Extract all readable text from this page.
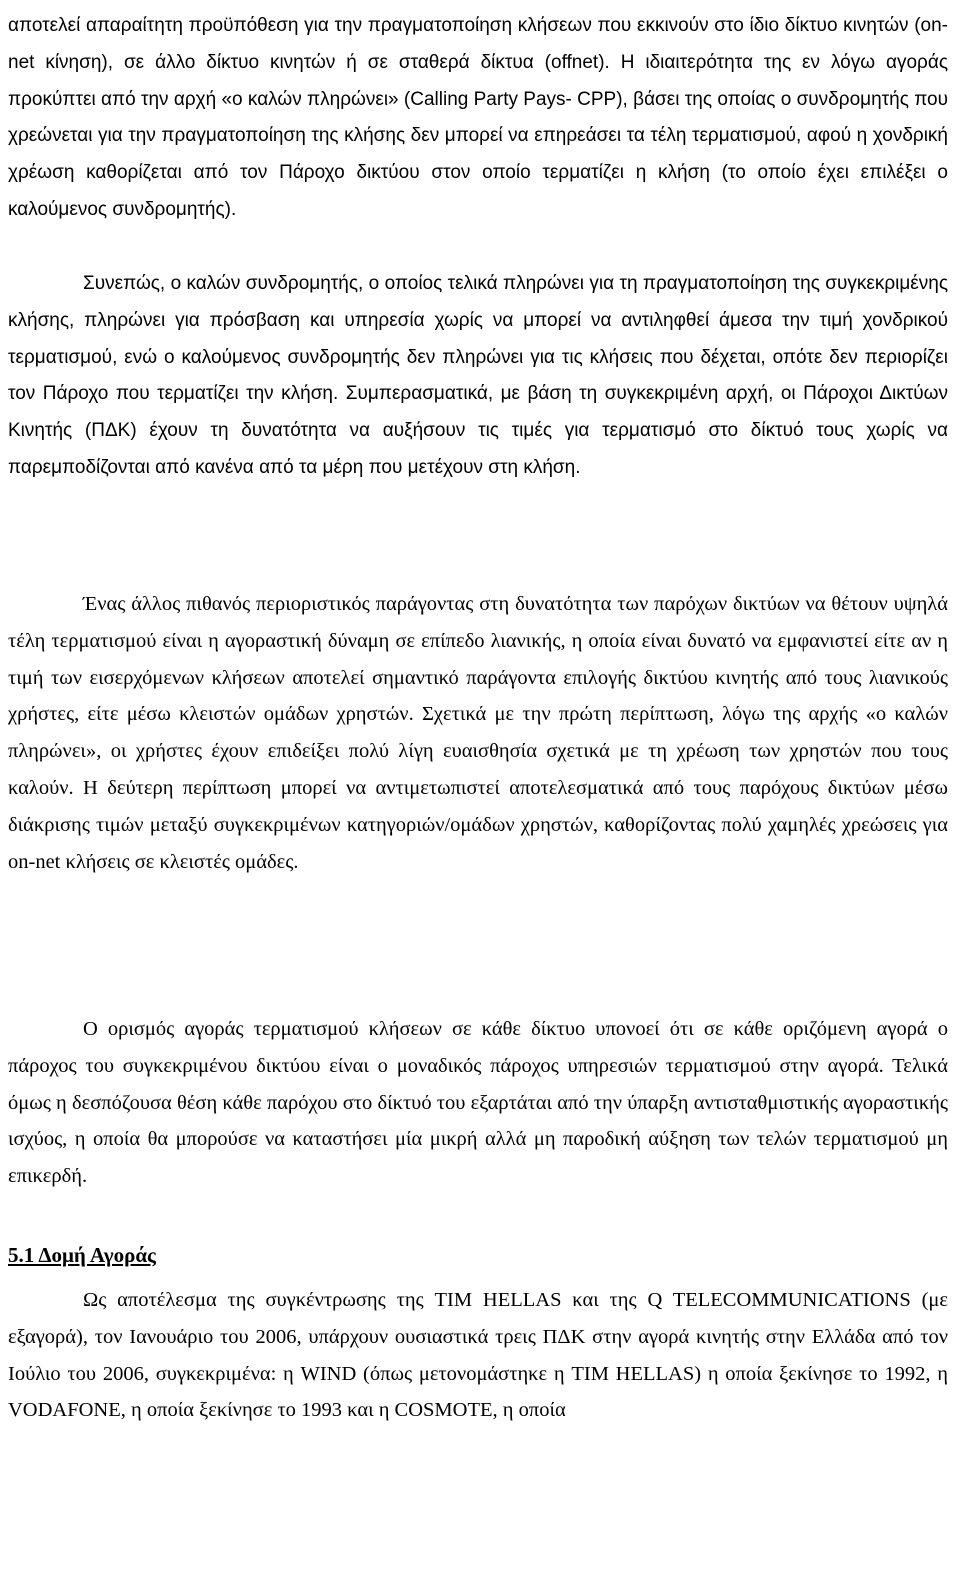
αποτελεί απαραίτητη προϋπόθεση για την πραγματοποίηση κλήσεων που εκκινούν στο ίδιο δίκτυο κινητών (on-net κίνηση), σε άλλο δίκτυο κινητών ή σε σταθερά δίκτυα (offnet). Η ιδιαιτερότητα της εν λόγω αγοράς προκύπτει από την αρχή «ο καλών πληρώνει» (Calling Party Pays- CPP), βάσει της οποίας ο συνδρομητής που χρεώνεται για την πραγματοποίηση της κλήσης δεν μπορεί να επηρεάσει τα τέλη τερματισμού, αφού η χονδρική χρέωση καθορίζεται από τον Πάροχο δικτύου στον οποίο τερματίζει η κλήση (το οποίο έχει επιλέξει ο καλούμενος συνδρομητής).

Συνεπώς, ο καλών συνδρομητής, ο οποίος τελικά πληρώνει για τη πραγματοποίηση της συγκεκριμένης κλήσης, πληρώνει για πρόσβαση και υπηρεσία χωρίς να μπορεί να αντιληφθεί άμεσα την τιμή χονδρικού τερματισμού, ενώ ο καλούμενος συνδρομητής δεν πληρώνει για τις κλήσεις που δέχεται, οπότε δεν περιορίζει τον Πάροχο που τερματίζει την κλήση. Συμπερασματικά, με βάση τη συγκεκριμένη αρχή, οι Πάροχοι Δικτύων Κινητής (ΠΔΚ) έχουν τη δυνατότητα να αυξήσουν τις τιμές για τερματισμό στο δίκτυό τους χωρίς να παρεμποδίζονται από κανένα από τα μέρη που μετέχουν στη κλήση.

Ένας άλλος πιθανός περιοριστικός παράγοντας στη δυνατότητα των παρόχων δικτύων να θέτουν υψηλά τέλη τερματισμού είναι η αγοραστική δύναμη σε επίπεδο λιανικής, η οποία είναι δυνατό να εμφανιστεί είτε αν η τιμή των εισερχόμενων κλήσεων αποτελεί σημαντικό παράγοντα επιλογής δικτύου κινητής από τους λιανικούς χρήστες, είτε μέσω κλειστών ομάδων χρηστών. Σχετικά με την πρώτη περίπτωση, λόγω της αρχής «ο καλών πληρώνει», οι χρήστες έχουν επιδείξει πολύ λίγη ευαισθησία σχετικά με τη χρέωση των χρηστών που τους καλούν. Η δεύτερη περίπτωση μπορεί να αντιμετωπιστεί αποτελεσματικά από τους παρόχους δικτύων μέσω διάκρισης τιμών μεταξύ συγκεκριμένων κατηγοριών/ομάδων χρηστών, καθορίζοντας πολύ χαμηλές χρεώσεις για on-net κλήσεις σε κλειστές ομάδες.

Ο ορισμός αγοράς τερματισμού κλήσεων σε κάθε δίκτυο υπονοεί ότι σε κάθε οριζόμενη αγορά ο πάροχος του συγκεκριμένου δικτύου είναι ο μοναδικός πάροχος υπηρεσιών τερματισμού στην αγορά. Τελικά όμως η δεσπόζουσα θέση κάθε παρόχου στο δίκτυό του εξαρτάται από την ύπαρξη αντισταθμιστικής αγοραστικής ισχύος, η οποία θα μπορούσε να καταστήσει μία μικρή αλλά μη παροδική αύξηση των τελών τερματισμού μη επικερδή.

5.1 Δομή Αγοράς

Ως αποτέλεσμα της συγκέντρωσης της TIM HELLAS και της Q TELECOMMUNICATIONS (με εξαγορά), τον Ιανουάριο του 2006, υπάρχουν ουσιαστικά τρεις ΠΔΚ στην αγορά κινητής στην Ελλάδα από τον Ιούλιο του 2006, συγκεκριμένα: η WIND (όπως μετονομάστηκε η TIM HELLAS) η οποία ξεκίνησε το 1992, η VODAFONE, η οποία ξεκίνησε το 1993 και η COSMOTE, η οποία
